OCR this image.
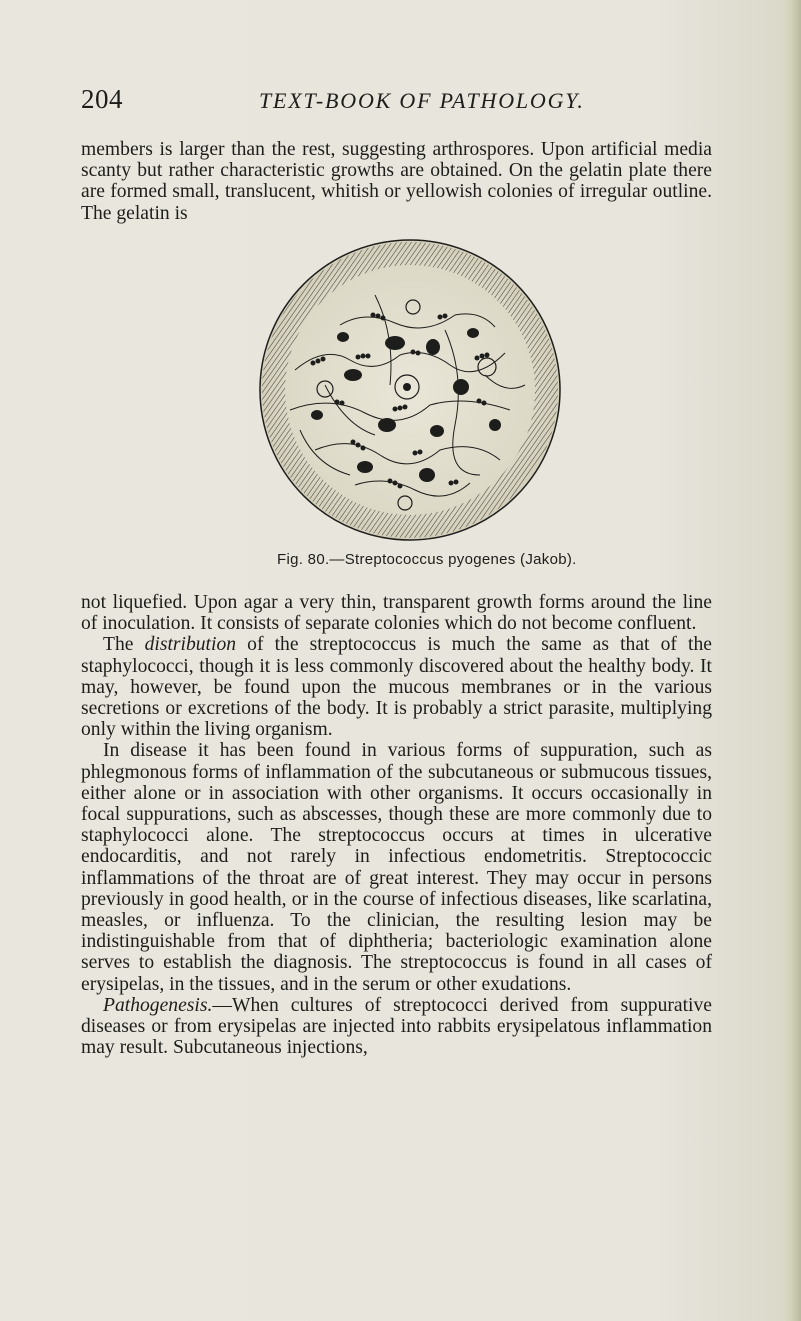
204	TEXT-BOOK OF PATHOLOGY.

members is larger than the rest, suggesting arthrospores. Upon artificial media scanty but rather characteristic growths are obtained. On the gelatin plate there are formed small, translucent, whitish or yellowish colonies of irregular outline. The gelatin is

Fig. 80.—Streptococcus pyogenes (Jakob).

not liquefied. Upon agar a very thin, transparent growth forms around the line of inoculation. It consists of separate colonies which do not become confluent.

The distribution of the streptococcus is much the same as that of the staphylococci, though it is less commonly discovered about the healthy body. It may, however, be found upon the mucous membranes or in the various secretions or excretions of the body. It is probably a strict parasite, multiplying only within the living organism.

In disease it has been found in various forms of suppuration, such as phlegmonous forms of inflammation of the subcutaneous or submucous tissues, either alone or in association with other organisms. It occurs occasionally in focal suppurations, such as abscesses, though these are more commonly due to staphylococci alone. The streptococcus occurs at times in ulcerative endocarditis, and not rarely in infectious endometritis. Streptococcic inflammations of the throat are of great interest. They may occur in persons previously in good health, or in the course of infectious diseases, like scarlatina, measles, or influenza. To the clinician, the resulting lesion may be indistinguishable from that of diphtheria; bacteriologic examination alone serves to establish the diagnosis. The streptococcus is found in all cases of erysipelas, in the tissues, and in the serum or other exudations.

Pathogenesis.—When cultures of streptococci derived from suppurative diseases or from erysipelas are injected into rabbits erysipelatous inflammation may result. Subcutaneous injections,
